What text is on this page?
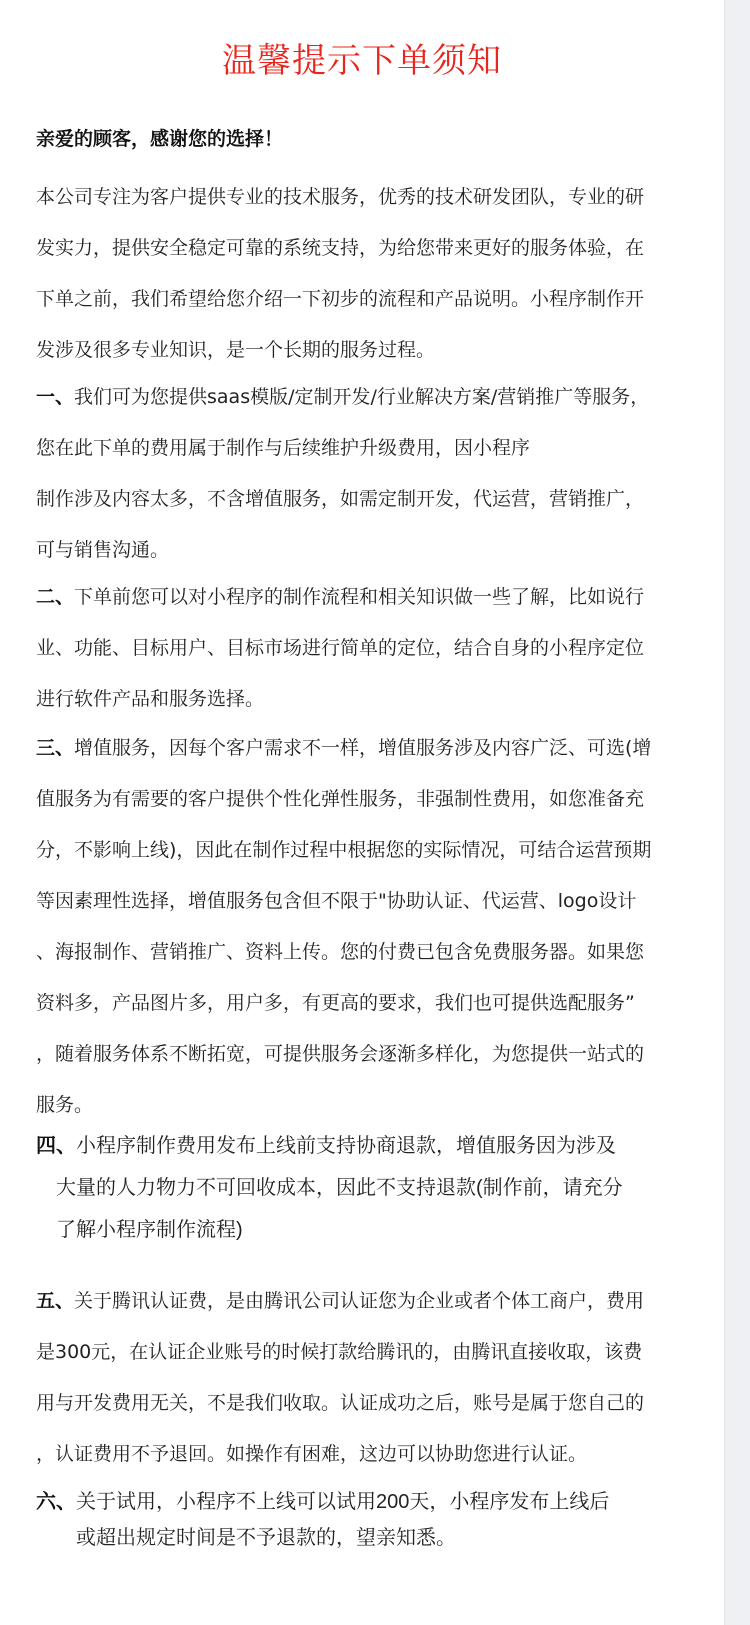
温馨提示下单须知
亲爱的顾客，感谢您的选择！
本公司专注为客户提供专业的技术服务，优秀的技术研发团队，专业的研
发实力，提供安全稳定可靠的系统支持，为给您带来更好的服务体验，在
下单之前，我们希望给您介绍一下初步的流程和产品说明。小程序制作开
发涉及很多专业知识，是一个长期的服务过程。
一、我们可为您提供saas模版/定制开发/行业解决方案/营销推广等服务，
您在此下单的费用属于制作与后续维护升级费用，因小程序
制作涉及内容太多，不含增值服务，如需定制开发，代运营，营销推广，
可与销售沟通。
二、下单前您可以对小程序的制作流程和相关知识做一些了解，比如说行
业、功能、目标用户、目标市场进行简单的定位，结合自身的小程序定位
进行软件产品和服务选择。
三、增值服务，因每个客户需求不一样，增值服务涉及内容广泛、可选(增
值服务为有需要的客户提供个性化弹性服务，非强制性费用，如您准备充
分，不影响上线)，因此在制作过程中根据您的实际情况，可结合运营预期
等因素理性选择，增值服务包含但不限于"协助认证、代运营、logo设计
、海报制作、营销推广、资料上传。您的付费已包含免费服务器。如果您
资料多，产品图片多，用户多，有更高的要求，我们也可提供选配服务”
，随着服务体系不断拓宽，可提供服务会逐渐多样化，为您提供一站式的
服务。
四、小程序制作费用发布上线前支持协商退款，增值服务因为涉及
大量的人力物力不可回收成本，因此不支持退款(制作前，请充分
了解小程序制作流程)
五、关于腾讯认证费，是由腾讯公司认证您为企业或者个体工商户，费用
是300元，在认证企业账号的时候打款给腾讯的，由腾讯直接收取，该费
用与开发费用无关，不是我们收取。认证成功之后，账号是属于您自己的
，认证费用不予退回。如操作有困难，这边可以协助您进行认证。
六、关于试用，小程序不上线可以试用200天，小程序发布上线后
或超出规定时间是不予退款的，望亲知悉。
